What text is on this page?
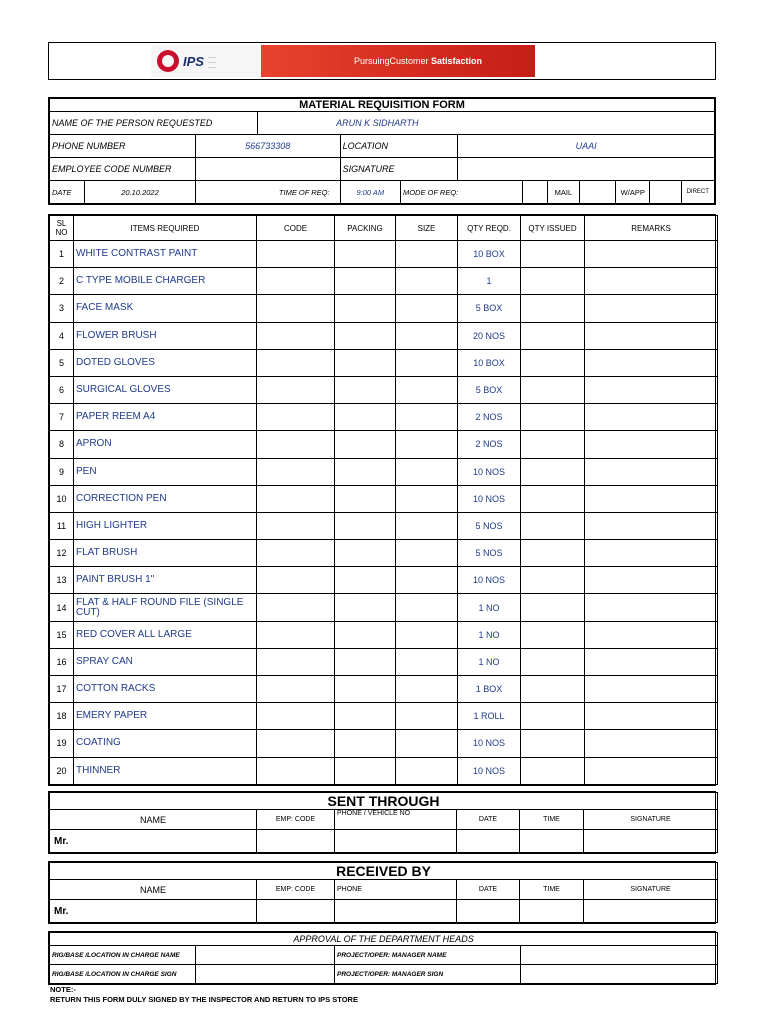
IPS ——
——
——	PursuingCustomer Satisfaction
MATERIAL REQUISITION FORM												
NAME OF THE PERSON REQUESTED			ARUN K SIDHARTH									
PHONE NUMBER		566733308		LOCATION		UAAI						
EMPLOYEE CODE NUMBER				SIGNATURE								
DATE	20.10.2022	TIME OF REQ:		9:00 AM	MODE OF REQ:			MAIL		W/APP		DIRECT
SL NO	ITEMS REQUIRED	CODE	PACKING	SIZE	QTY REQD.	QTY ISSUED	REMARKS
1	WHITE CONTRAST PAINT				10 BOX		
2	C TYPE MOBILE CHARGER				1		
3	FACE MASK				5 BOX		
4	FLOWER BRUSH				20 NOS		
5	DOTED GLOVES				10 BOX		
6	SURGICAL GLOVES				5 BOX		
7	PAPER REEM A4				2 NOS		
8	APRON				2 NOS		
9	PEN				10 NOS		
10	CORRECTION PEN				10 NOS		
11	HIGH LIGHTER				5 NOS		
12	FLAT BRUSH				5 NOS		
13	PAINT BRUSH 1''				10 NOS		
14	FLAT & HALF ROUND FILE (SINGLE CUT)				1 NO		
15	RED COVER ALL LARGE				1 NO		
16	SPRAY CAN				1 NO		
17	COTTON RACKS				1 BOX		
18	EMERY PAPER				1 ROLL		
19	COATING				10 NOS		
20	THINNER				10 NOS		
SENT THROUGH					
NAME	EMP: CODE	PHONE / VEHICLE NO	DATE	TIME	SIGNATURE
Mr.					
RECEIVED BY					
NAME	EMP: CODE	PHONE	DATE	TIME	SIGNATURE
Mr.					
APPROVAL OF THE DEPARTMENT HEADS			
RIG/BASE /LOCATION IN CHARGE NAME		PROJECT/OPER: MANAGER NAME	
RIG/BASE /LOCATION IN CHARGE SIGN		PROJECT/OPER: MANAGER SIGN	
NOTE:-
RETURN THIS FORM DULY SIGNED BY THE INSPECTOR AND RETURN TO IPS STORE
